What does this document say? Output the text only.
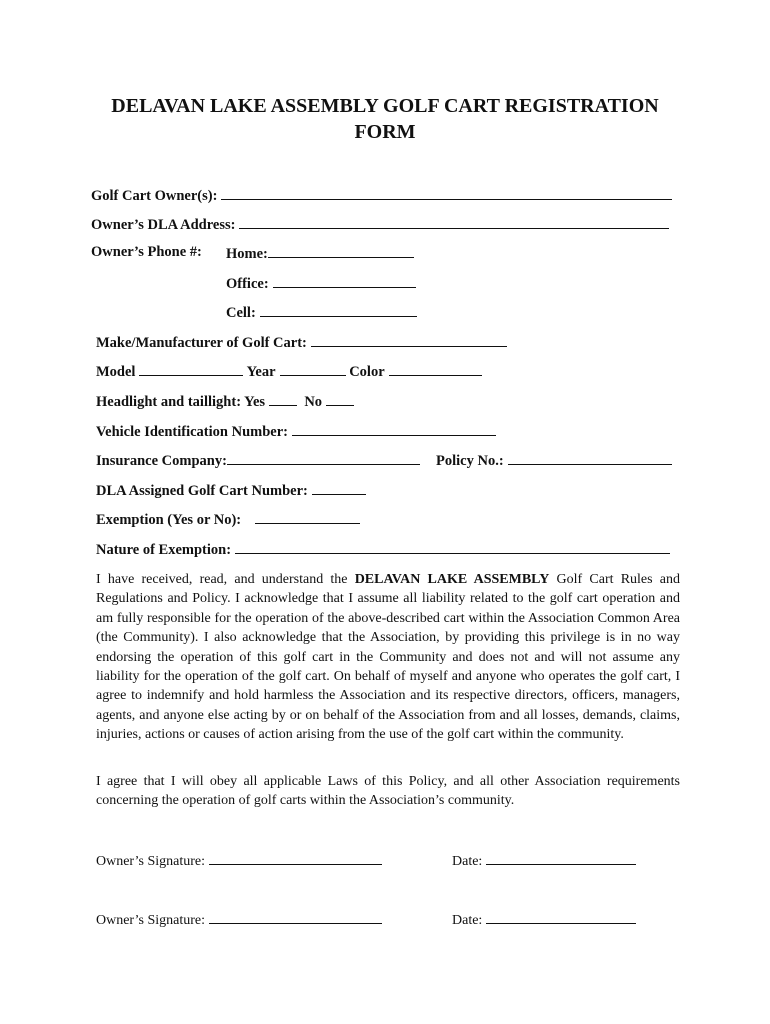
DELAVAN LAKE ASSEMBLY GOLF CART REGISTRATION
FORM
Golf Cart Owner(s):
Owner’s DLA Address:
Owner’s Phone #: Home:
Office:
Cell:
Make/Manufacturer of Golf Cart:
Model	Year	Color
Headlight and taillight: Yes	No
Vehicle Identification Number:
Insurance Company:	Policy No.:
DLA Assigned Golf Cart Number:
Exemption (Yes or No):
Nature of Exemption:
I have received, read, and understand the DELAVAN LAKE ASSEMBLY Golf Cart Rules and Regulations and Policy. I acknowledge that I assume all liability related to the golf cart operation and am fully responsible for the operation of the above-described cart within the Association Common Area (the Community). I also acknowledge that the Association, by providing this privilege is in no way endorsing the operation of this golf cart in the Community and does not and will not assume any liability for the operation of the golf cart. On behalf of myself and anyone who operates the golf cart, I agree to indemnify and hold harmless the Association and its respective directors, officers, managers, agents, and anyone else acting by or on behalf of the Association from and all losses, demands, claims, injuries, actions or causes of action arising from the use of the golf cart within the community.
I agree that I will obey all applicable Laws of this Policy, and all other Association requirements concerning the operation of golf carts within the Association’s community.
Owner’s Signature:	Date:
Owner’s Signature:	Date:
